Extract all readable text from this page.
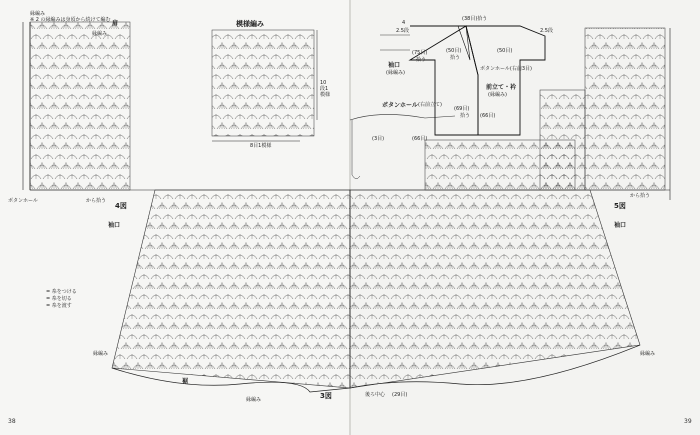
縁編み
※ 2 の縁編みは身頃から続けて編む
縁編み
肩	模様編み
10段1模様
8目1模様
ボタンホール	から拾う
4図
袖口
= 糸をつける
= 糸を切る
= 糸を渡す
縁編み
裾
3図
縁編み
38
後ろ中心 (29目)
5図
袖口
から拾う
縁編み
39
(38目)拾う
4
2.5段	2.5段
(75目)
拾う
(50目)	(50目)
拾う
ボタンホール(右前3目)
袖口
(縁編み)
前立て・衿
(縁編み)
ボタンホール (右前立て)
(69目)
拾う (66目)
(3目)	(66目)
